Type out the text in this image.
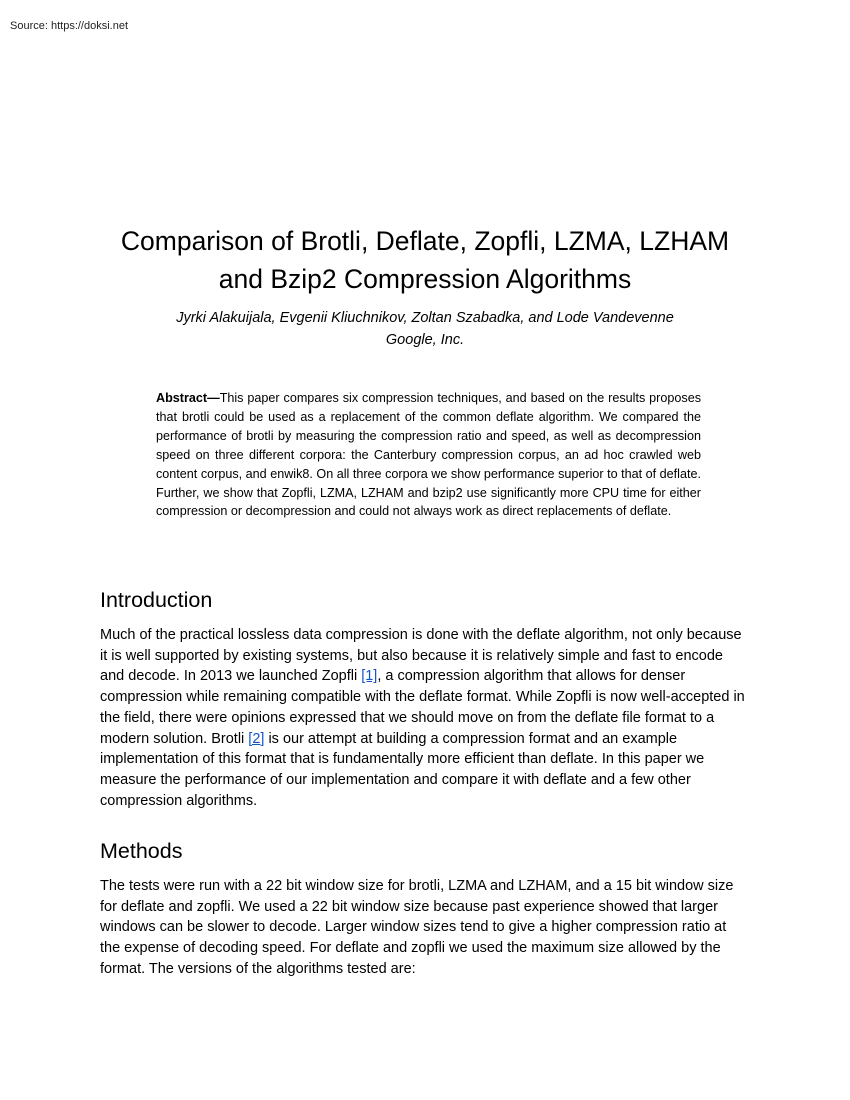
Source: https://doksi.net
Comparison of Brotli, Deflate, Zopfli, LZMA, LZHAM
and Bzip2 Compression Algorithms
Jyrki Alakuijala, Evgenii Kliuchnikov, Zoltan Szabadka, and Lode Vandevenne
Google, Inc.

Abstract—This paper compares six compression techniques, and based on the results proposes that brotli could be used as a replacement of the common deflate algorithm. We compared the performance of brotli by measuring the compression ratio and speed, as well as decompression speed on three different corpora: the Canterbury compression corpus, an ad hoc crawled web content corpus, and enwik8. On all three corpora we show performance superior to that of deflate. Further, we show that Zopfli, LZMA, LZHAM and bzip2 use significantly more CPU time for either compression or decompression and could not always work as direct replacements of deflate.

Introduction

Much of the practical lossless data compression is done with the deflate algorithm, not only because it is well supported by existing systems, but also because it is relatively simple and fast to encode and decode. In 2013 we launched Zopfli [1], a compression algorithm that allows for denser compression while remaining compatible with the deflate format. While Zopfli is now well-accepted in the field, there were opinions expressed that we should move on from the deflate file format to a modern solution. Brotli [2] is our attempt at building a compression format and an example implementation of this format that is fundamentally more efficient than deflate. In this paper we measure the performance of our implementation and compare it with deflate and a few other compression algorithms.

Methods

The tests were run with a 22 bit window size for brotli, LZMA and LZHAM, and a 15 bit window size for deflate and zopfli. We used a 22 bit window size because past experience showed that larger windows can be slower to decode. Larger window sizes tend to give a higher compression ratio at the expense of decoding speed. For deflate and zopfli we used the maximum size allowed by the format. The versions of the algorithms tested are:
